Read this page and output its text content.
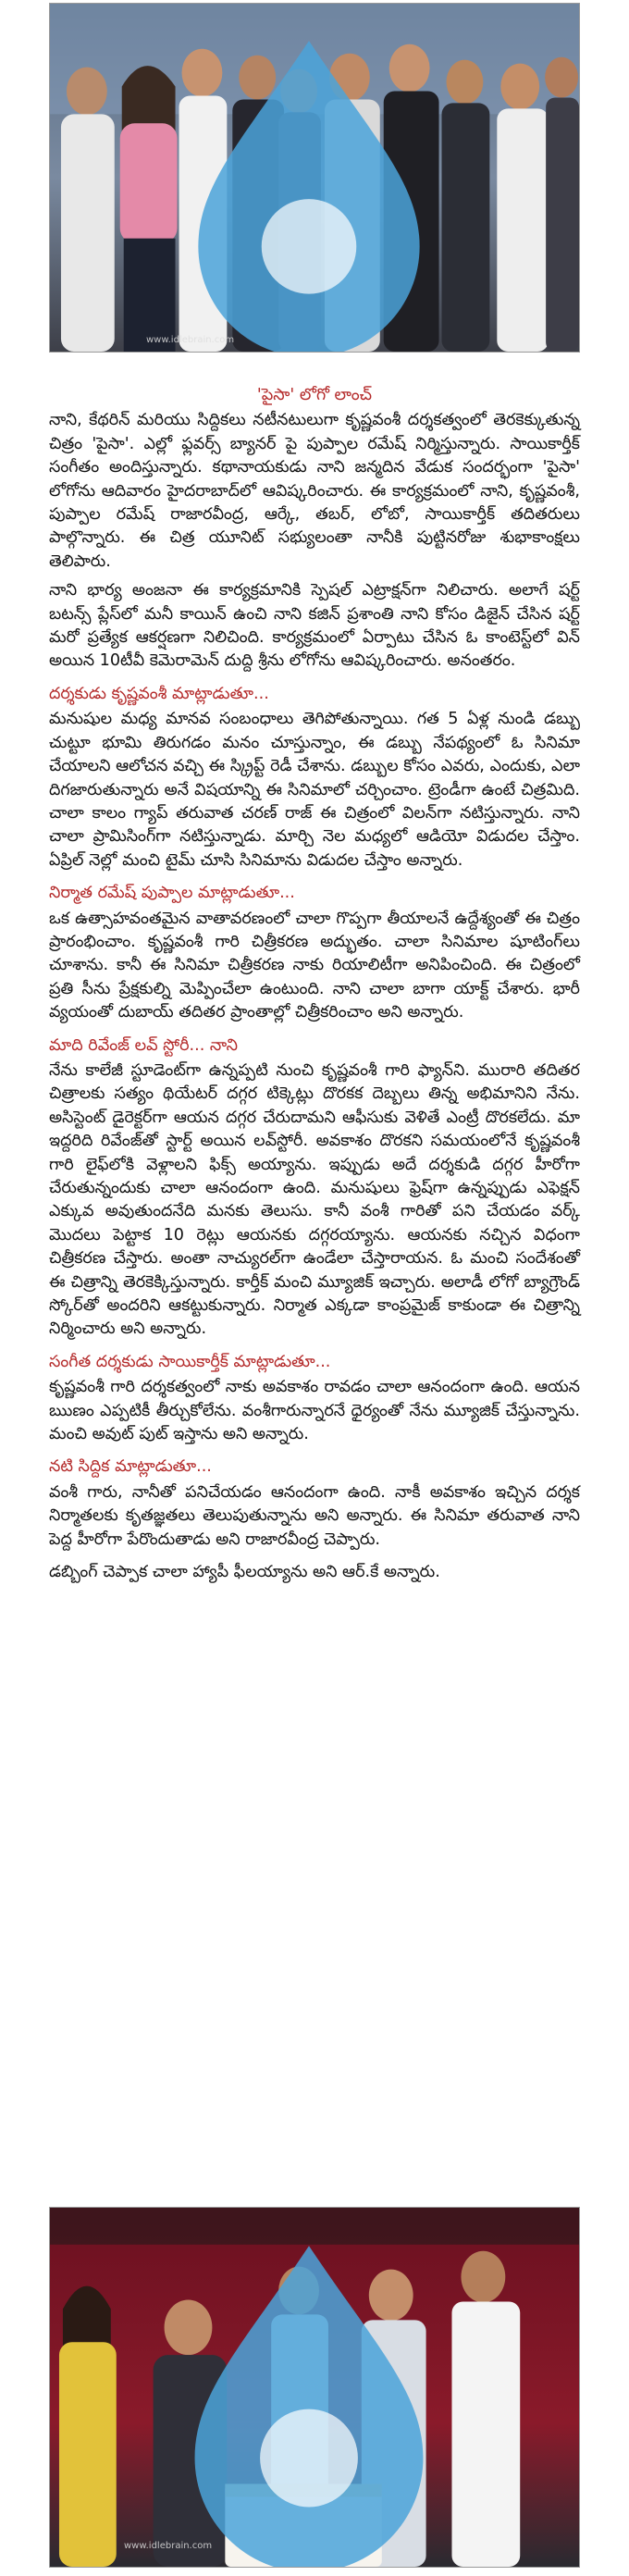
www.idlebrain.com
'పైసా' లోగో లాంచ్

నాని, కేథరిన్ మరియు సిద్దికలు నటీనటులుగా కృష్ణవంశీ దర్శకత్వంలో తెరకెక్కుతున్న చిత్రం 'పైసా'. ఎల్లో ఫ్లవర్స్ బ్యానర్ పై పుప్పాల రమేష్ నిర్మిస్తున్నారు. సాయికార్తీక్ సంగీతం అందిస్తున్నారు. కథానాయకుడు నాని జన్మదిన వేడుక సందర్భంగా 'పైసా' లోగోను ఆదివారం హైదరాబాద్‌లో ఆవిష్కరించారు. ఈ కార్యక్రమంలో నాని, కృష్ణవంశీ, పుప్పాల రమేష్ రాజారవీంద్ర, ఆర్కే, తబర్, లోబో, సాయికార్తీక్ తదితరులు పాల్గొన్నారు. ఈ చిత్ర యూనిట్ సభ్యులంతా నానీకి పుట్టినరోజు శుభాకాంక్షలు తెలిపారు.

నాని భార్య అంజనా ఈ కార్యక్రమానికి స్పెషల్ ఎట్రాక్షన్‌గా నిలిచారు. అలాగే షర్ట్ బటన్స్ ప్లేస్‌లో మనీ కాయిన్ ఉంచి నాని కజిన్ ప్రశాంతి నాని కోసం డిజైన్ చేసిన షర్ట్ మరో ప్రత్యేక ఆకర్షణగా నిలిచింది. కార్యక్రమంలో ఏర్పాటు చేసిన ఓ కాంటెస్ట్‌లో విన్ అయిన 10టీవీ కెమెరామెన్ దుద్ది శ్రీను లోగోను ఆవిష్కరించారు. అనంతరం.

దర్శకుడు కృష్ణవంశీ మాట్లాడుతూ...

మనుషుల మధ్య మానవ సంబంధాలు తెగిపోతున్నాయి. గత 5 ఏళ్ల నుండి డబ్బు చుట్టూ భూమి తిరుగడం మనం చూస్తున్నాం, ఈ డబ్బు నేపథ్యంలో ఓ సినిమా చేయాలని ఆలోచన వచ్చి ఈ స్క్రిప్ట్ రెడీ చేశాను. డబ్బుల కోసం ఎవరు, ఎందుకు, ఎలా దిగజారుతున్నారు అనే విషయాన్ని ఈ సినిమాలో చర్చించాం. ట్రెండీగా ఉంటే చిత్రమిది. చాలా కాలం గ్యాప్ తరువాత చరణ్ రాజ్ ఈ చిత్రంలో విలన్‌గా నటిస్తున్నారు. నాని చాలా ప్రామిసింగ్‌గా నటిస్తున్నాడు. మార్చి నెల మధ్యలో ఆడియో విడుదల చేస్తాం. ఏప్రిల్ నెల్లో మంచి టైమ్ చూసి సినిమాను విడుదల చేస్తాం అన్నారు.

నిర్మాత రమేష్ పుప్పాల మాట్లాడుతూ...

ఒక ఉత్సాహవంతమైన వాతావరణంలో చాలా గొప్పగా తీయాలనే ఉద్దేశ్యంతో ఈ చిత్రం ప్రారంభించాం. కృష్ణవంశీ గారి చిత్రీకరణ అద్భుతం. చాలా సినిమాల షూటింగ్‌లు చూశాను. కానీ ఈ సినిమా చిత్రీకరణ నాకు రియాలిటీగా అనిపించింది. ఈ చిత్రంలో ప్రతి సీను ప్రేక్షకుల్ని మెప్పించేలా ఉంటుంది. నాని చాలా బాగా యాక్ట్ చేశారు. భారీ వ్యయంతో దుబాయ్ తదితర ప్రాంతాల్లో చిత్రీకరించాం అని అన్నారు.

మాది రివేంజ్ లవ్ స్టోరీ... నాని

నేను కాలేజీ స్టూడెంట్‌గా ఉన్నప్పటి నుంచి కృష్ణవంశీ గారి ఫ్యాన్‌ని. మురారి తదితర చిత్రాలకు సత్యం థియేటర్ దగ్గర టిక్కెట్లు దొరకక దెబ్బలు తిన్న అభిమానిని నేను. అసిస్టెంట్ డైరెక్టర్‌గా ఆయన దగ్గర చేరుదామని ఆఫీసుకు వెళితే ఎంట్రీ దొరకలేదు. మా ఇద్దరిది రివేంజ్‌తో స్టార్ట్ అయిన లవ్‌స్టోరీ. అవకాశం దొరకని సమయంలోనే కృష్ణవంశీ గారి లైఫ్‌లోకి వెళ్లాలని ఫిక్స్ అయ్యాను. ఇప్పుడు అదే దర్శకుడి దగ్గర హీరోగా చేరుతున్నందుకు చాలా ఆనందంగా ఉంది. మనుషులు ఫ్రెష్‌గా ఉన్నప్పుడు ఎఫెక్షన్ ఎక్కువ అవుతుందనేది మనకు తెలుసు. కానీ వంశీ గారితో పని చేయడం వర్క్ మొదలు పెట్టాక 10 రెట్లు ఆయనకు దగ్గరయ్యాను. ఆయనకు నచ్చిన విధంగా చిత్రీకరణ చేస్తారు. అంతా నాచ్యురల్‌గా ఉండేలా చేస్తారాయన. ఓ మంచి సందేశంతో ఈ చిత్రాన్ని తెరకెక్కిస్తున్నారు. కార్తీక్ మంచి మ్యూజిక్ ఇచ్చారు. అలాడీ లోగో బ్యాగ్రౌండ్ స్కోర్‌తో అందరిని ఆకట్టుకున్నారు. నిర్మాత ఎక్కడా కాంప్రమైజ్ కాకుండా ఈ చిత్రాన్ని నిర్మించారు అని అన్నారు.

సంగీత దర్శకుడు సాయికార్తీక్ మాట్లాడుతూ...

కృష్ణవంశీ గారి దర్శకత్వంలో నాకు అవకాశం రావడం చాలా ఆనందంగా ఉంది. ఆయన ఋణం ఎప్పటికీ తీర్చుకోలేను. వంశీగారున్నారనే ధైర్యంతో నేను మ్యూజిక్ చేస్తున్నాను. మంచి అవుట్ పుట్ ఇస్తాను అని అన్నారు.

నటి సిద్దిక మాట్లాడుతూ...

వంశీ గారు, నానీతో పనిచేయడం ఆనందంగా ఉంది. నాకీ అవకాశం ఇచ్చిన దర్శక నిర్మాతలకు కృతజ్ఞతలు తెలుపుతున్నాను అని అన్నారు. ఈ సినిమా తరువాత నాని పెద్ద హీరోగా పేరొందుతాడు అని రాజారవీంద్ర చెప్పారు.

డబ్బింగ్ చెప్పాక చాలా హ్యాపీ ఫీలయ్యాను అని ఆర్.కే అన్నారు.

www.idlebrain.com
